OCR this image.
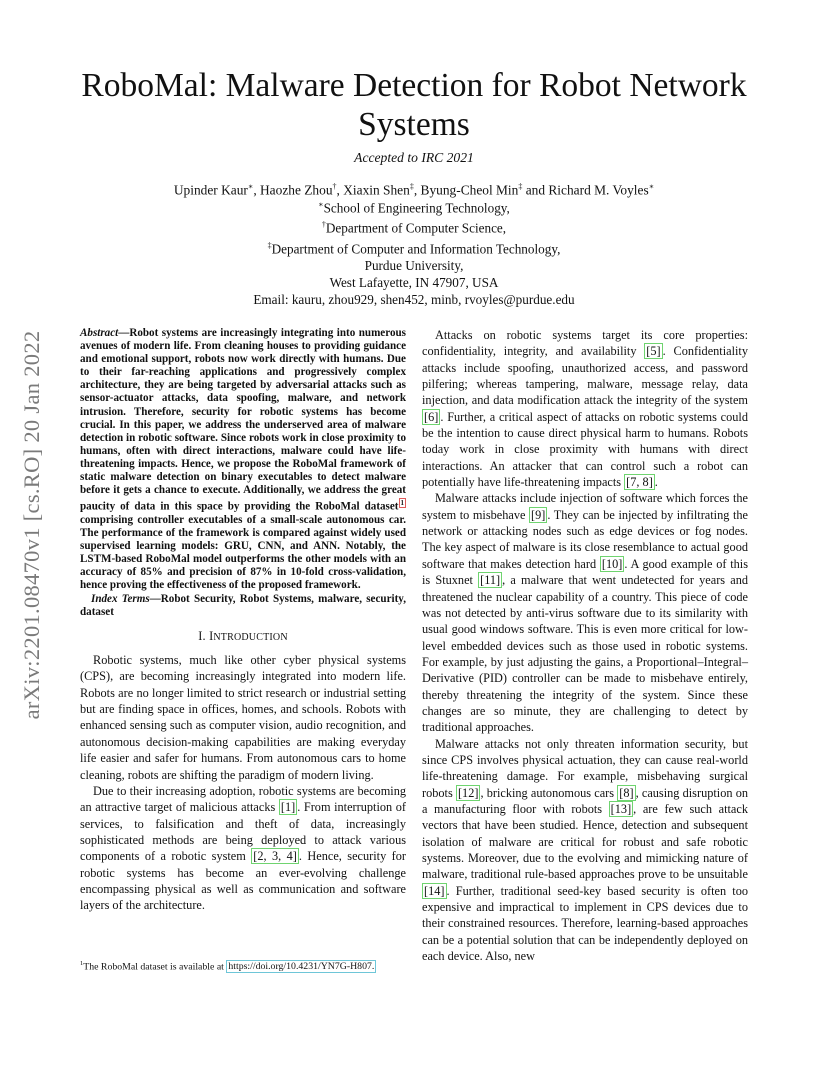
arXiv:2201.08470v1 [cs.RO] 20 Jan 2022
RoboMal: Malware Detection for Robot Network Systems
Accepted to IRC 2021
Upinder Kaur∗, Haozhe Zhou†, Xiaxin Shen‡, Byung-Cheol Min‡ and Richard M. Voyles∗
∗School of Engineering Technology,
†Department of Computer Science,
‡Department of Computer and Information Technology,
Purdue University,
West Lafayette, IN 47907, USA
Email: kauru, zhou929, shen452, minb, rvoyles@purdue.edu
Abstract—Robot systems are increasingly integrating into numerous avenues of modern life. From cleaning houses to providing guidance and emotional support, robots now work directly with humans. Due to their far-reaching applications and progressively complex architecture, they are being targeted by adversarial attacks such as sensor-actuator attacks, data spoofing, malware, and network intrusion. Therefore, security for robotic systems has become crucial. In this paper, we address the underserved area of malware detection in robotic software. Since robots work in close proximity to humans, often with direct interactions, malware could have life-threatening impacts. Hence, we propose the RoboMal framework of static malware detection on binary executables to detect malware before it gets a chance to execute. Additionally, we address the great paucity of data in this space by providing the RoboMal dataset $^1$ comprising controller executables of a small-scale autonomous car. The performance of the framework is compared against widely used supervised learning models: GRU, CNN, and ANN. Notably, the LSTM-based RoboMal model outperforms the other models with an accuracy of 85% and precision of 87% in 10-fold cross-validation, hence proving the effectiveness of the proposed framework.
Index Terms—Robot Security, Robot Systems, malware, security, dataset
I. INTRODUCTION

Robotic systems, much like other cyber physical systems (CPS), are becoming increasingly integrated into modern life. Robots are no longer limited to strict research or industrial setting but are finding space in offices, homes, and schools. Robots with enhanced sensing such as computer vision, audio recognition, and autonomous decision-making capabilities are making everyday life easier and safer for humans. From autonomous cars to home cleaning, robots are shifting the paradigm of modern living.

Due to their increasing adoption, robotic systems are becoming an attractive target of malicious attacks [1] . From interruption of services, to falsification and theft of data, increasingly sophisticated methods are being deployed to attack various components of a robotic system [2, 3, 4] . Hence, security for robotic systems has become an ever-evolving challenge encompassing physical as well as communication and software layers of the architecture.

$^1$The RoboMal dataset is available at https://doi.org/10.4231/YN7G-H807.

Attacks on robotic systems target its core properties: confidentiality, integrity, and availability [5] . Confidentiality attacks include spoofing, unauthorized access, and password pilfering; whereas tampering, malware, message relay, data injection, and data modification attack the integrity of the system [6] . Further, a critical aspect of attacks on robotic systems could be the intention to cause direct physical harm to humans. Robots today work in close proximity with humans with direct interactions. An attacker that can control such a robot can potentially have life-threatening impacts [7, 8] .

Malware attacks include injection of software which forces the system to misbehave [9] . They can be injected by infiltrating the network or attacking nodes such as edge devices or fog nodes. The key aspect of malware is its close resemblance to actual good software that makes detection hard [10] . A good example of this is Stuxnet [11] , a malware that went undetected for years and threatened the nuclear capability of a country. This piece of code was not detected by anti-virus software due to its similarity with usual good windows software. This is even more critical for low-level embedded devices such as those used in robotic systems. For example, by just adjusting the gains, a Proportional–Integral–Derivative (PID) controller can be made to misbehave entirely, thereby threatening the integrity of the system. Since these changes are so minute, they are challenging to detect by traditional approaches.

Malware attacks not only threaten information security, but since CPS involves physical actuation, they can cause real-world life-threatening damage. For example, misbehaving surgical robots [12] , bricking autonomous cars [8] , causing disruption on a manufacturing floor with robots [13] , are few such attack vectors that have been studied. Hence, detection and subsequent isolation of malware are critical for robust and safe robotic systems. Moreover, due to the evolving and mimicking nature of malware, traditional rule-based approaches prove to be unsuitable [14] . Further, traditional seed-key based security is often too expensive and impractical to implement in CPS devices due to their constrained resources. Therefore, learning-based approaches can be a potential solution that can be independently deployed on each device. Also, new
